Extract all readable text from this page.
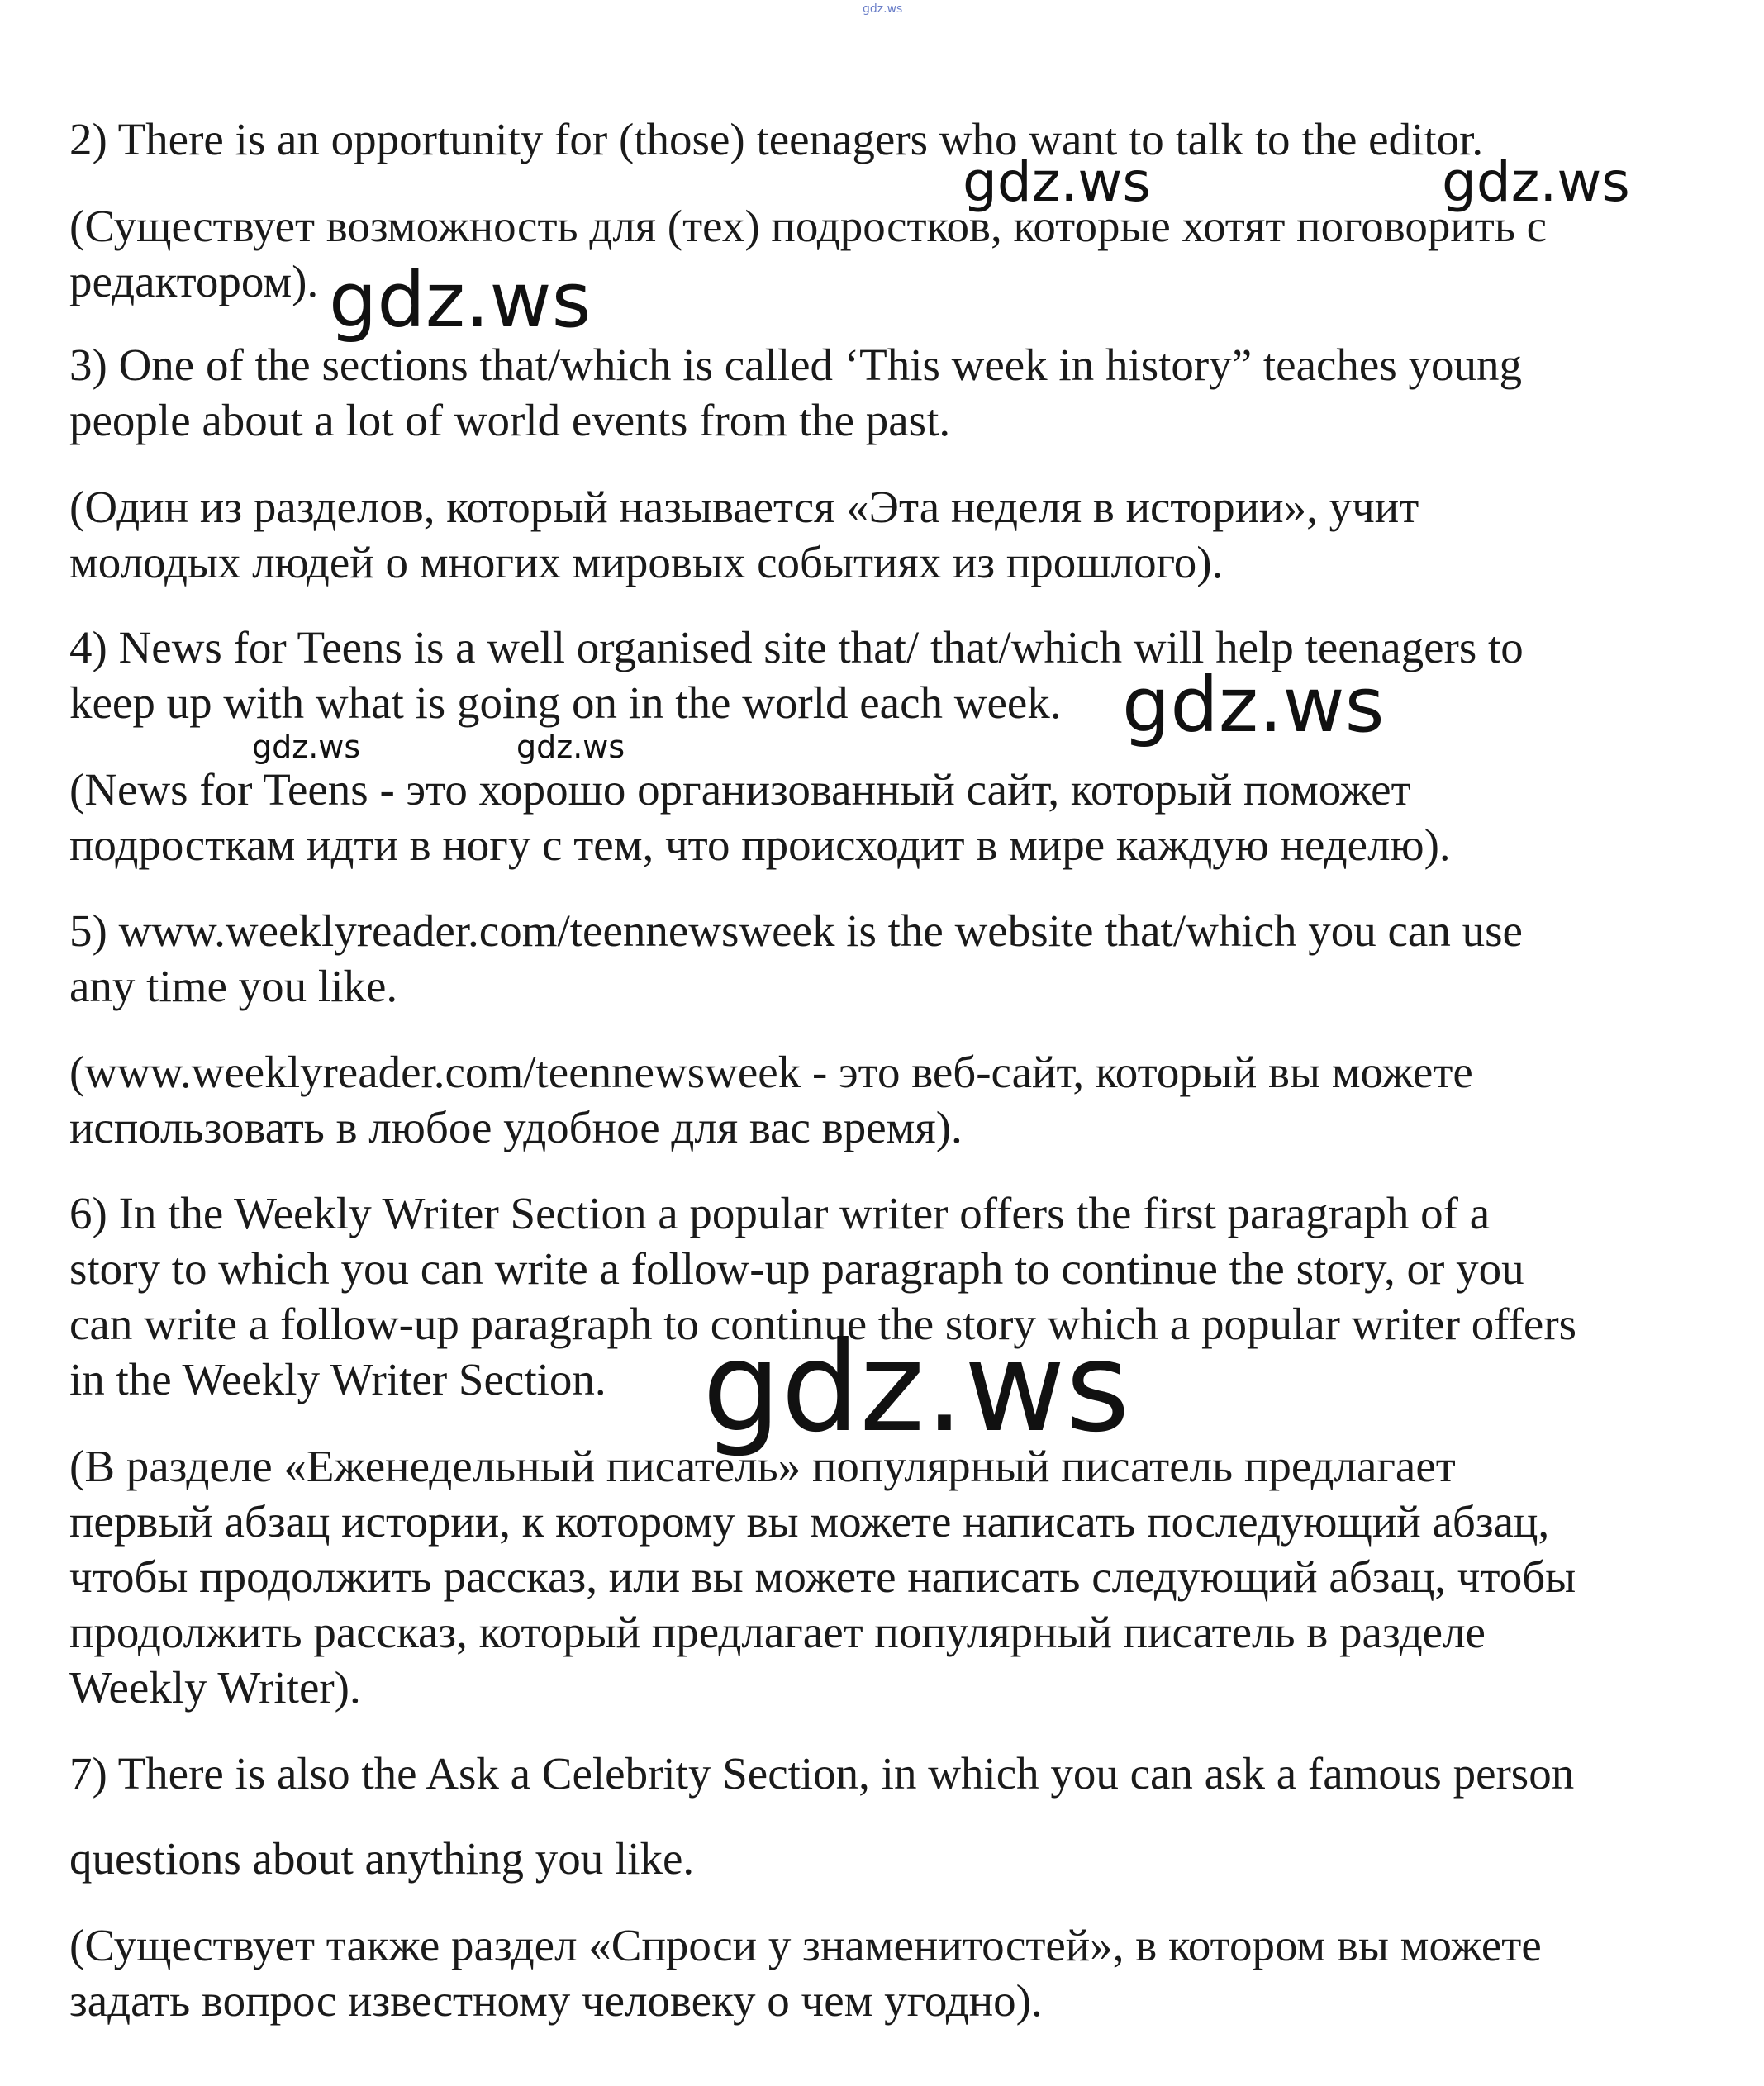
gdz.ws
2) There is an opportunity for (those) teenagers who want to talk to the editor.
(Существует возможность для (тех) подростков, которые хотят поговорить с
редактором).
3) One of the sections that/which is called ‘This week in history” teaches young
people about a lot of world events from the past.
(Один из разделов, который называется «Эта неделя в истории», учит
молодых людей о многих мировых событиях из прошлого).
4) News for Teens is a well organised site that/ that/which will help teenagers to
keep up with what is going on in the world each week.
(News for Teens - это хорошо организованный сайт, который поможет
подросткам идти в ногу с тем, что происходит в мире каждую неделю).
5) www.weeklyreader.com/teennewsweek is the website that/which you can use
any time you like.
(www.weeklyreader.com/teennewsweek - это веб-сайт, который вы можете
использовать в любое удобное для вас время).
6) In the Weekly Writer Section a popular writer offers the first paragraph of a
story to which you can write a follow-up paragraph to continue the story, or you
can write a follow-up paragraph to continue the story which a popular writer offers
in the Weekly Writer Section.
(В разделе «Еженедельный писатель» популярный писатель предлагает
первый абзац истории, к которому вы можете написать последующий абзац,
чтобы продолжить рассказ, или вы можете написать следующий абзац, чтобы
продолжить рассказ, который предлагает популярный писатель в разделе
Weekly Writer).
7) There is also the Ask a Celebrity Section, in which you can ask a famous person
questions about anything you like.
(Существует также раздел «Спроси у знаменитостей», в котором вы можете
задать вопрос известному человеку о чем угодно).
gdz.ws	gdz.ws
gdz.ws
gdz.ws
gdz.ws	gdz.ws
gdz.ws
